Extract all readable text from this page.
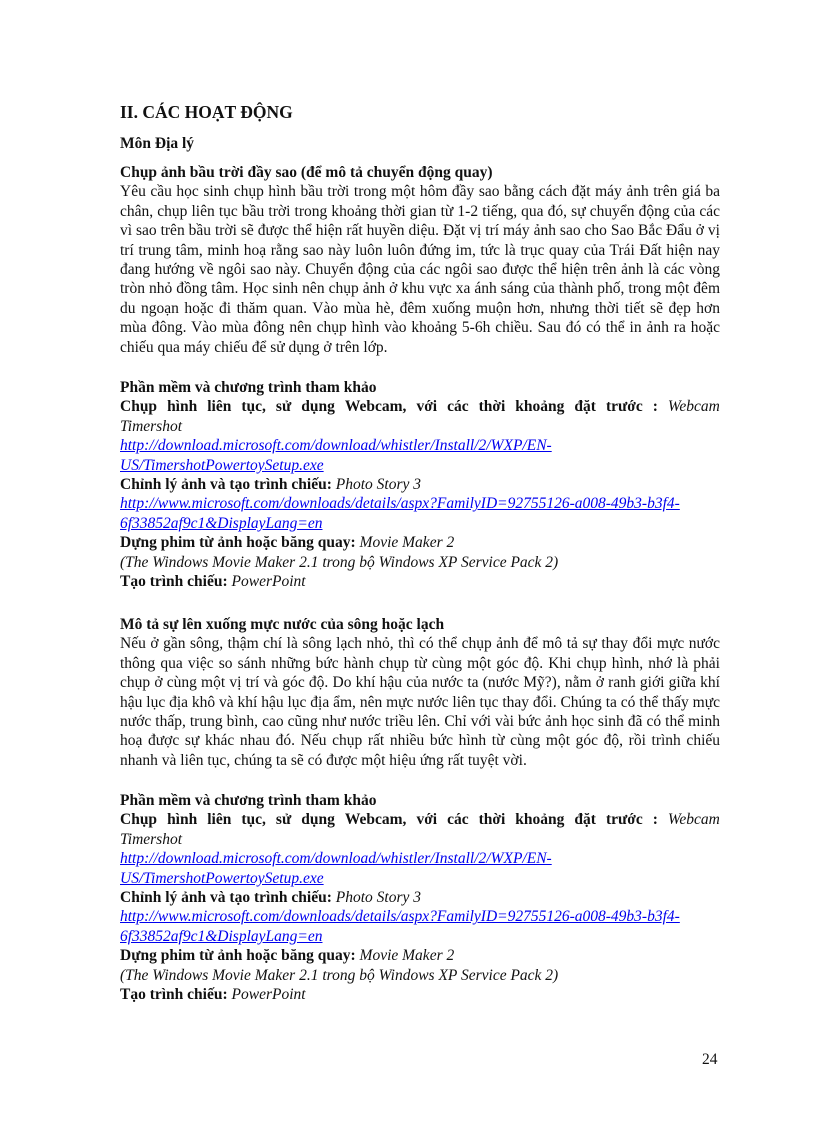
II. CÁC HOẠT ĐỘNG
Môn Địa lý
Chụp ảnh bầu trời đầy sao (để mô tả chuyển động quay)
Yêu cầu học sinh chụp hình bầu trời trong một hôm đầy sao bằng cách đặt máy ảnh trên giá ba chân, chụp liên tục bầu trời trong khoảng thời gian từ 1-2 tiếng, qua đó, sự chuyển động của các vì sao trên bầu trời sẽ được thể hiện rất huyền diệu. Đặt vị trí máy ảnh sao cho Sao Bắc Đẩu ở vị trí trung tâm, minh hoạ rằng sao này luôn luôn đứng im, tức là trục quay của Trái Đất hiện nay đang hướng về ngôi sao này. Chuyển động của các ngôi sao được thể hiện trên ảnh là các vòng tròn nhỏ đồng tâm. Học sinh nên chụp ảnh ở khu vực xa ánh sáng của thành phố, trong một đêm du ngoạn hoặc đi thăm quan. Vào mùa hè, đêm xuống muộn hơn, nhưng thời tiết sẽ đẹp hơn mùa đông. Vào mùa đông nên chụp hình vào khoảng 5-6h chiều. Sau đó có thể in ảnh ra hoặc chiếu qua máy chiếu để sử dụng ở trên lớp.
Phần mềm và chương trình tham khảo
Chụp hình liên tục, sử dụng Webcam, với các thời khoảng đặt trước : Webcam
Timershot
http://download.microsoft.com/download/whistler/Install/2/WXP/EN-
US/TimershotPowertoySetup.exe
Chỉnh lý ảnh và tạo trình chiếu: Photo Story 3
http://www.microsoft.com/downloads/details/aspx?FamilyID=92755126-a008-49b3-b3f4-
6f33852af9c1&DisplayLang=en
Dựng phim từ ảnh hoặc băng quay: Movie Maker 2
(The Windows Movie Maker 2.1 trong bộ Windows XP Service Pack 2)
Tạo trình chiếu: PowerPoint
Mô tả sự lên xuống mực nước của sông hoặc lạch
Nếu ở gần sông, thậm chí là sông lạch nhỏ, thì có thể chụp ảnh để mô tả sự thay đổi mực nước thông qua việc so sánh những bức hành chụp từ cùng một góc độ. Khi chụp hình, nhớ là phải chụp ở cùng một vị trí và góc độ. Do khí hậu của nước ta (nước Mỹ?), nằm ở ranh giới giữa khí hậu lục địa khô và khí hậu lục địa ẩm, nên mực nước liên tục thay đổi. Chúng ta có thể thấy mực nước thấp, trung bình, cao cũng như nước triều lên. Chỉ với vài bức ảnh học sinh đã có thể minh hoạ được sự khác nhau đó. Nếu chụp rất nhiều bức hình từ cùng một góc độ, rồi trình chiếu nhanh và liên tục, chúng ta sẽ có được một hiệu ứng rất tuyệt vời.
Phần mềm và chương trình tham khảo
Chụp hình liên tục, sử dụng Webcam, với các thời khoảng đặt trước : Webcam
Timershot
http://download.microsoft.com/download/whistler/Install/2/WXP/EN-
US/TimershotPowertoySetup.exe
Chỉnh lý ảnh và tạo trình chiếu: Photo Story 3
http://www.microsoft.com/downloads/details/aspx?FamilyID=92755126-a008-49b3-b3f4-
6f33852af9c1&DisplayLang=en
Dựng phim từ ảnh hoặc băng quay: Movie Maker 2
(The Windows Movie Maker 2.1 trong bộ Windows XP Service Pack 2)
Tạo trình chiếu: PowerPoint
24
